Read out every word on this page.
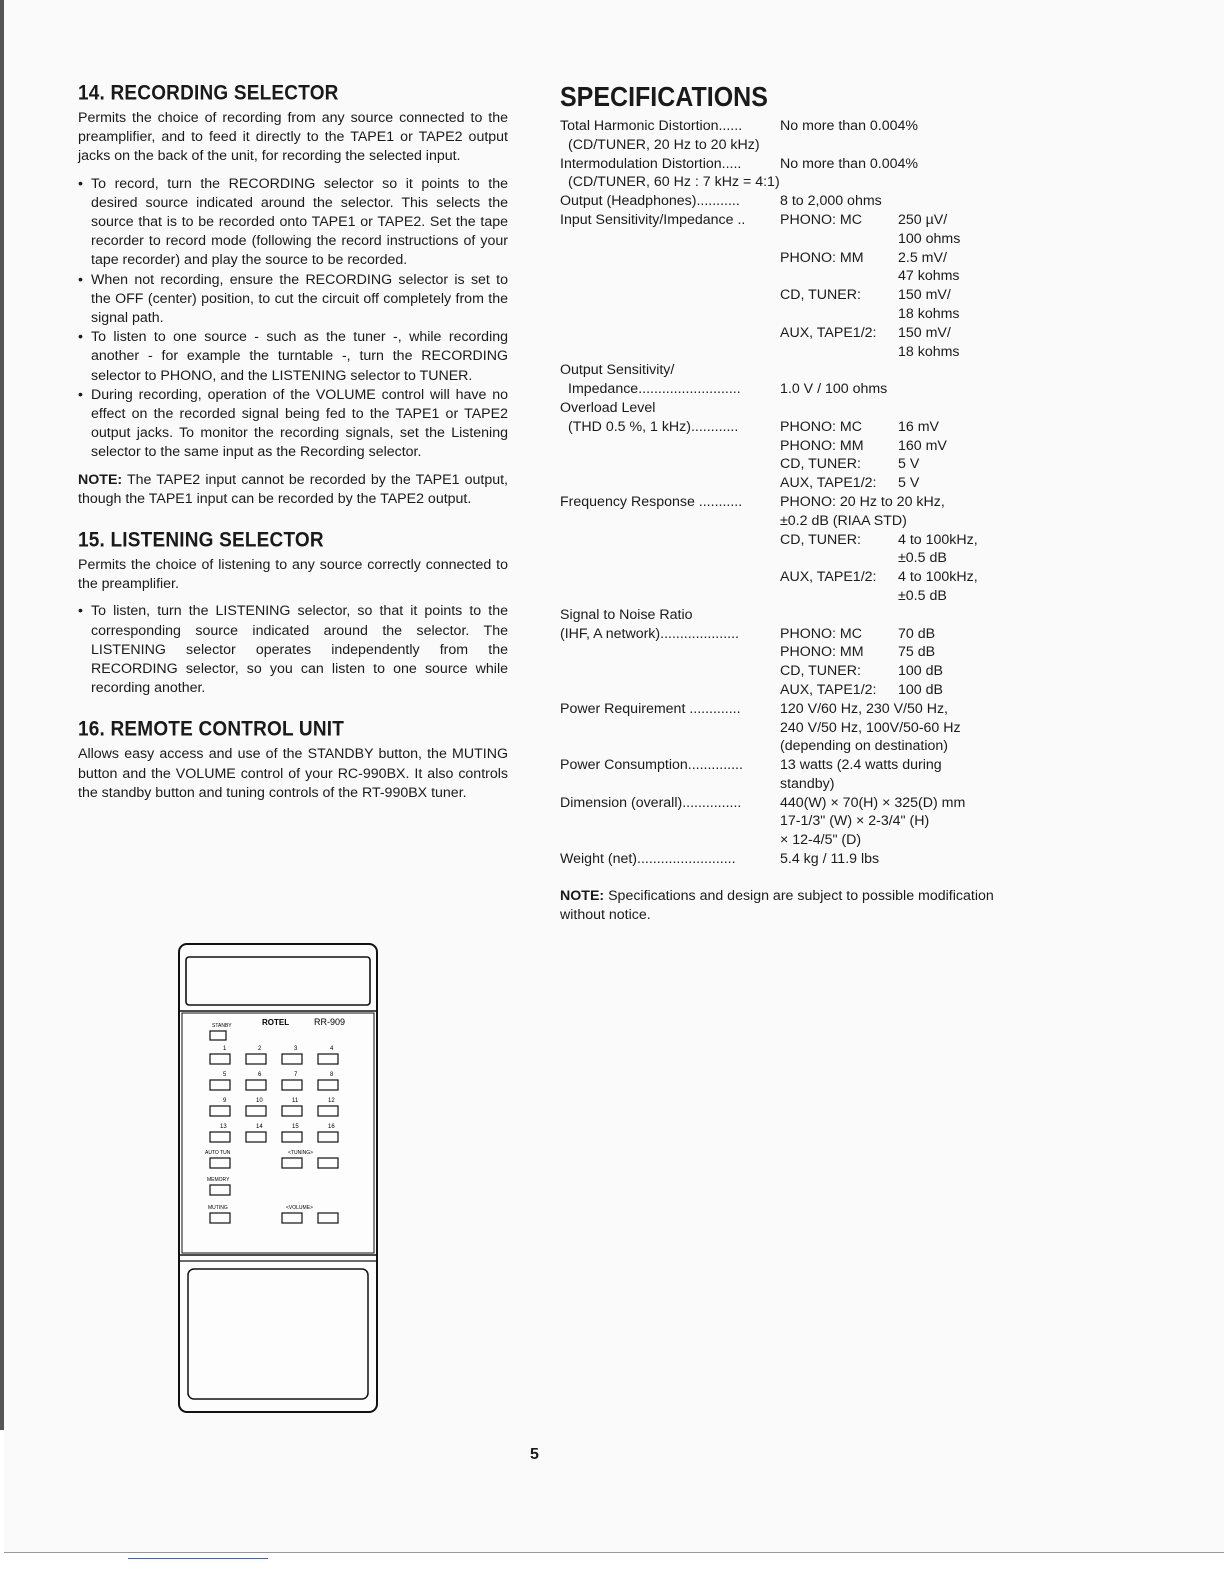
14. RECORDING SELECTOR

Permits the choice of recording from any source connected to the preamplifier, and to feed it directly to the TAPE1 or TAPE2 output jacks on the back of the unit, for recording the selected input.

• To record, turn the RECORDING selector so it points to the desired source indicated around the selector. This selects the source that is to be recorded onto TAPE1 or TAPE2. Set the tape recorder to record mode (following the record instructions of your tape recorder) and play the source to be recorded.
• When not recording, ensure the RECORDING selector is set to the OFF (center) position, to cut the circuit off completely from the signal path.
• To listen to one source - such as the tuner -, while recording another - for example the turntable -, turn the RECORDING selector to PHONO, and the LISTENING selector to TUNER.
• During recording, operation of the VOLUME control will have no effect on the recorded signal being fed to the TAPE1 or TAPE2 output jacks. To monitor the recording signals, set the Listening selector to the same input as the Recording selector.

NOTE: The TAPE2 input cannot be recorded by the TAPE1 output, though the TAPE1 input can be recorded by the TAPE2 output.

15. LISTENING SELECTOR

Permits the choice of listening to any source correctly connected to the preamplifier.

• To listen, turn the LISTENING selector, so that it points to the corresponding source indicated around the selector. The LISTENING selector operates independently from the RECORDING selector, so you can listen to one source while recording another.
16. REMOTE CONTROL UNIT

Allows easy access and use of the STANDBY button, the MUTING button and the VOLUME control of your RC-990BX. It also controls the standby button and tuning controls of the RT-990BX tuner.

ROTEL	RR-909
STANBY
1	2	3	4
5	6	7	8
9	10	11	12
13	14	15	16
AUTO TUN	<TUNING>
MEMORY
MUTING	<VOLUME>
SPECIFICATIONS
Total Harmonic Distortion......	No more than 0.004%
(CD/TUNER, 20 Hz to 20 kHz)

Intermodulation Distortion.....	No more than 0.004%
(CD/TUNER, 60 Hz : 7 kHz = 4:1)

Output (Headphones)...........	8 to 2,000 ohms
Input Sensitivity/Impedance ..	PHONO: MC	250 µV/
100 ohms
PHONO: MM 2.5 mV/
47 kohms
CD, TUNER:	150 mV/
18 kohms
AUX, TAPE1/2: 150 mV/
18 kohms
Output Sensitivity/

Impedance..........................	1.0 V / 100 ohms
Overload Level

(THD 0.5 %, 1 kHz)............	PHONO: MC	16 mV
PHONO: MM 160 mV
CD, TUNER:	5 V
AUX, TAPE1/2: 5 V
Frequency Response ...........	PHONO: 20 Hz to 20 kHz,
±0.2 dB (RIAA STD)
CD, TUNER:	4 to 100kHz,
±0.5 dB
AUX, TAPE1/2: 4 to 100kHz,
±0.5 dB
Signal to Noise Ratio

(IHF, A network)....................	PHONO: MC	70 dB
PHONO: MM 75 dB
CD, TUNER:	100 dB
AUX, TAPE1/2: 100 dB
Power Requirement .............	120 V/60 Hz, 230 V/50 Hz,
240 V/50 Hz, 100V/50-60 Hz
(depending on destination)
Power Consumption..............	13 watts (2.4 watts during
standby)
Dimension (overall)...............	440(W) × 70(H) × 325(D) mm
17-1/3" (W) × 2-3/4" (H)
× 12-4/5" (D)
Weight (net).........................	5.4 kg / 11.9 lbs

NOTE: Specifications and design are subject to possible modification without notice.

5
